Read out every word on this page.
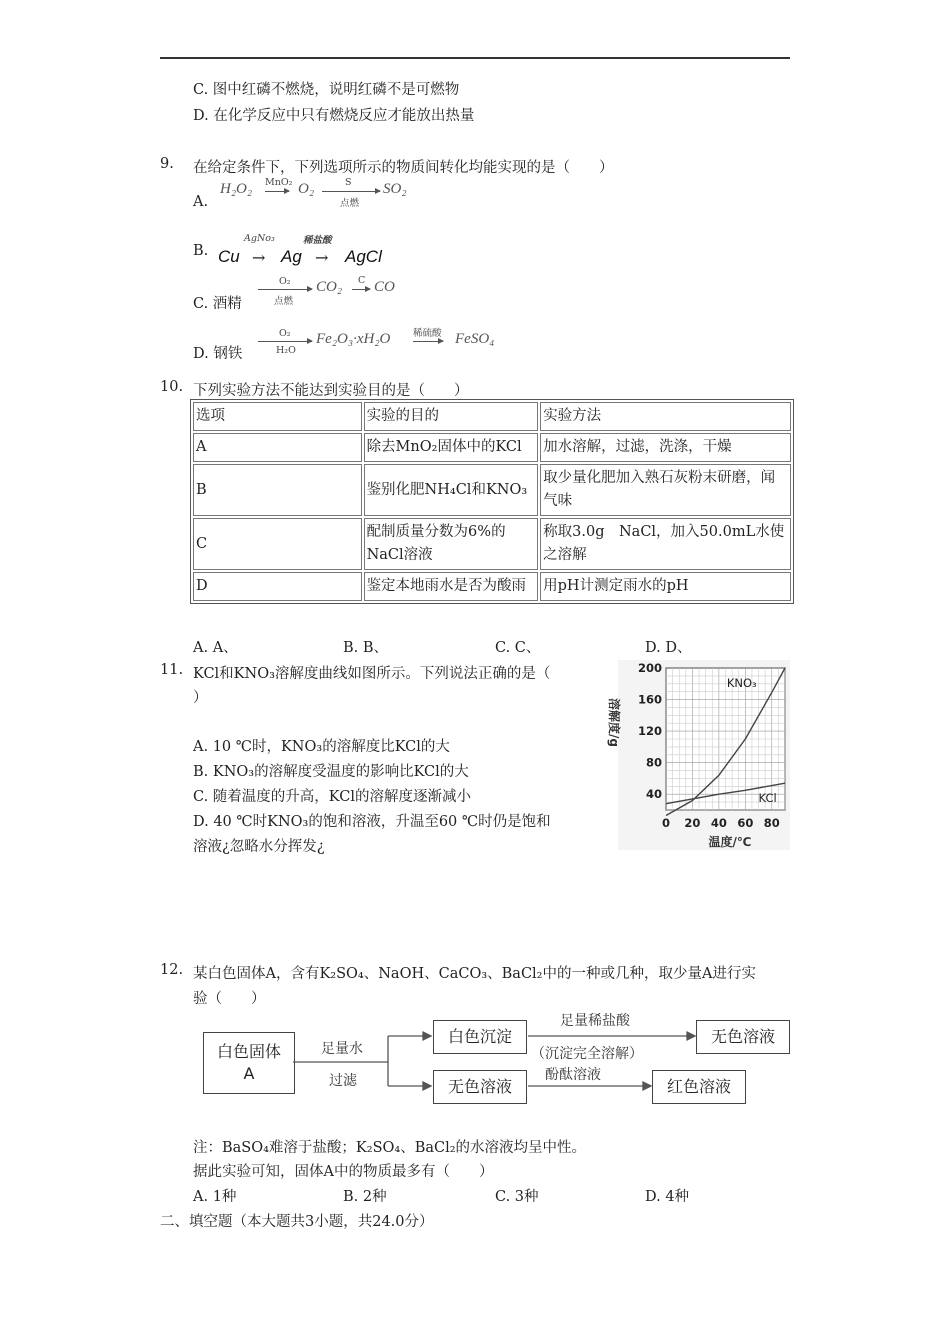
C. 图中红磷不燃烧，说明红磷不是可燃物
D. 在化学反应中只有燃烧反应才能放出热量
9. 在给定条件下，下列选项所示的物质间转化均能实现的是（　　）
A.
H₂O₂ MnO₂ O₂	S
点燃
SO₂
B.
AgNo₃	稀盐酸
Cu → Ag → AgCl
C. 酒精
O₂
点燃
CO₂ C CO
D. 钢铁
O₂
H₂O
Fe₂O₃·xH₂O 稀硫酸 FeSO₄
10. 下列实验方法不能达到实验目的是（　　）
选项	实验的目的	实验方法
A	除去MnO₂固体中的KCl	加水溶解，过滤，洗涤，干燥
B	鉴别化肥NH₄Cl和KNO₃	取少量化肥加入熟石灰粉末研磨，闻气味
C	配制质量分数为6%的NaCl溶液	称取3.0g　NaCl，加入50.0mL水使之溶解
D	鉴定本地雨水是否为酸雨	用pH计测定雨水的pH
A. A、	B. B、	C. C、	D. D、
11. KCl和KNO₃溶解度曲线如图所示。下列说法正确的是（
）
A. 10 ℃时，KNO₃的溶解度比KCl的大
B. KNO₃的溶解度受温度的影响比KCl的大
C. 随着温度的升高，KCl的溶解度逐渐减小
D. 40 ℃时KNO₃的饱和溶液，升温至60 ℃时仍是饱和
溶液¿忽略水分挥发¿
40
80
120
160
200
0 20 40 60 80
KNO₃
KCl
溶解度/g
温度/℃
12. 某白色固体A，含有K₂SO₄、NaOH、CaCO₃、BaCl₂中的一种或几种，取少量A进行实
验（　　）
白色固体
A
足量水
过滤
白色沉淀
无色溶液
足量稀盐酸
（沉淀完全溶解）
酚酞溶液
无色溶液
红色溶液
注：BaSO₄难溶于盐酸；K₂SO₄、BaCl₂的水溶液均呈中性。
据此实验可知，固体A中的物质最多有（　　）
A. 1种	B. 2种	C. 3种	D. 4种
二、填空题（本大题共3小题，共24.0分）
